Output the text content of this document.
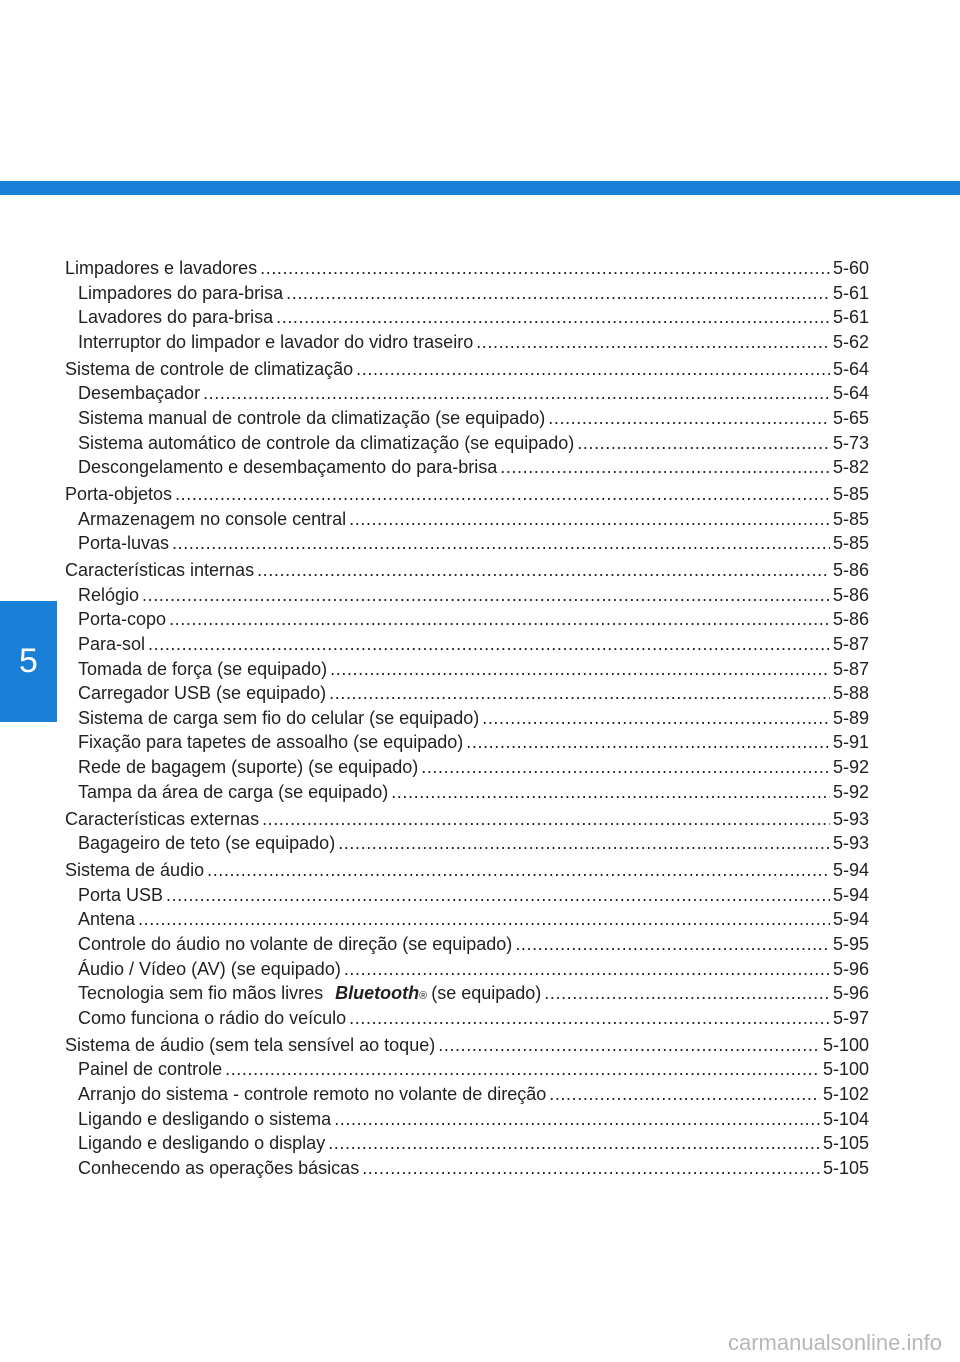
5
Limpadores e lavadores .....	5-60
Limpadores do para-brisa .....	5-61
Lavadores do para-brisa .....	5-61
Interruptor do limpador e lavador do vidro traseiro .....	5-62
Sistema de controle de climatização .....	5-64
Desembaçador .....	5-64
Sistema manual de controle da climatização (se equipado) .....	5-65
Sistema automático de controle da climatização (se equipado) .....	5-73
Descongelamento e desembaçamento do para-brisa .....	5-82
Porta-objetos .....	5-85
Armazenagem no console central .....	5-85
Porta-luvas .....	5-85
Características internas .....	5-86
Relógio .....	5-86
Porta-copo .....	5-86
Para-sol .....	5-87
Tomada de força (se equipado) .....	5-87
Carregador USB (se equipado) .....	5-88
Sistema de carga sem fio do celular (se equipado) .....	5-89
Fixação para tapetes de assoalho (se equipado) .....	5-91
Rede de bagagem (suporte) (se equipado) .....	5-92
Tampa da área de carga (se equipado) .....	5-92
Características externas .....	5-93
Bagageiro de teto (se equipado) .....	5-93
Sistema de áudio .....	5-94
Porta USB .....	5-94
Antena .....	5-94
Controle do áudio no volante de direção (se equipado) .....	5-95
Áudio / Vídeo (AV) (se equipado) .....	5-96
Tecnologia sem fio mãos livres Bluetooth ® (se equipado) .....	5-96
Como funciona o rádio do veículo .....	5-97
Sistema de áudio (sem tela sensível ao toque) .....	5-100
Painel de controle .....	5-100
Arranjo do sistema - controle remoto no volante de direção .....	5-102
Ligando e desligando o sistema .....	5-104
Ligando e desligando o display .....	5-105
Conhecendo as operações básicas .....	5-105
carmanualsonline.info
